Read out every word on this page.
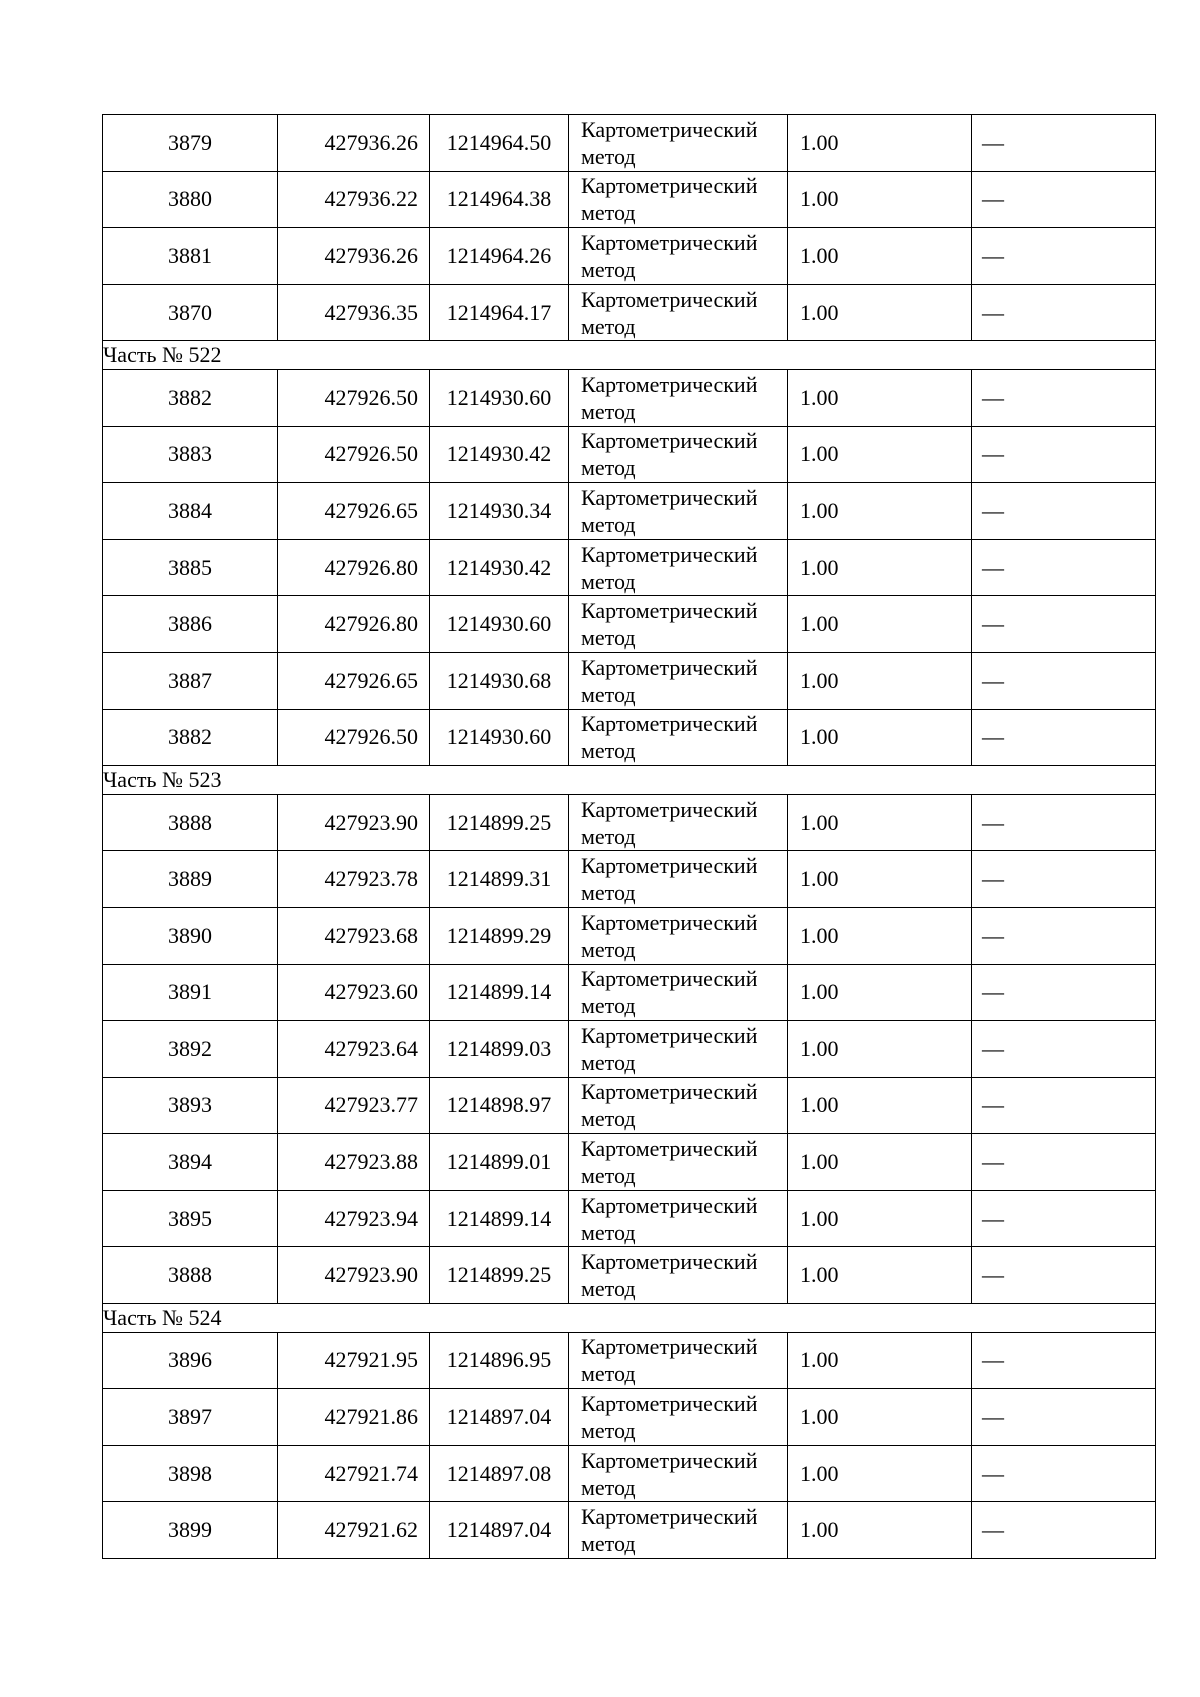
3879	427936.26	1214964.50	Картометрический
метод	1.00	—
3880	427936.22	1214964.38	Картометрический
метод	1.00	—
3881	427936.26	1214964.26	Картометрический
метод	1.00	—
3870	427936.35	1214964.17	Картометрический
метод	1.00	—
Часть № 522					
3882	427926.50	1214930.60	Картометрический
метод	1.00	—
3883	427926.50	1214930.42	Картометрический
метод	1.00	—
3884	427926.65	1214930.34	Картометрический
метод	1.00	—
3885	427926.80	1214930.42	Картометрический
метод	1.00	—
3886	427926.80	1214930.60	Картометрический
метод	1.00	—
3887	427926.65	1214930.68	Картометрический
метод	1.00	—
3882	427926.50	1214930.60	Картометрический
метод	1.00	—
Часть № 523					
3888	427923.90	1214899.25	Картометрический
метод	1.00	—
3889	427923.78	1214899.31	Картометрический
метод	1.00	—
3890	427923.68	1214899.29	Картометрический
метод	1.00	—
3891	427923.60	1214899.14	Картометрический
метод	1.00	—
3892	427923.64	1214899.03	Картометрический
метод	1.00	—
3893	427923.77	1214898.97	Картометрический
метод	1.00	—
3894	427923.88	1214899.01	Картометрический
метод	1.00	—
3895	427923.94	1214899.14	Картометрический
метод	1.00	—
3888	427923.90	1214899.25	Картометрический
метод	1.00	—
Часть № 524					
3896	427921.95	1214896.95	Картометрический
метод	1.00	—
3897	427921.86	1214897.04	Картометрический
метод	1.00	—
3898	427921.74	1214897.08	Картометрический
метод	1.00	—
3899	427921.62	1214897.04	Картометрический
метод	1.00	—
